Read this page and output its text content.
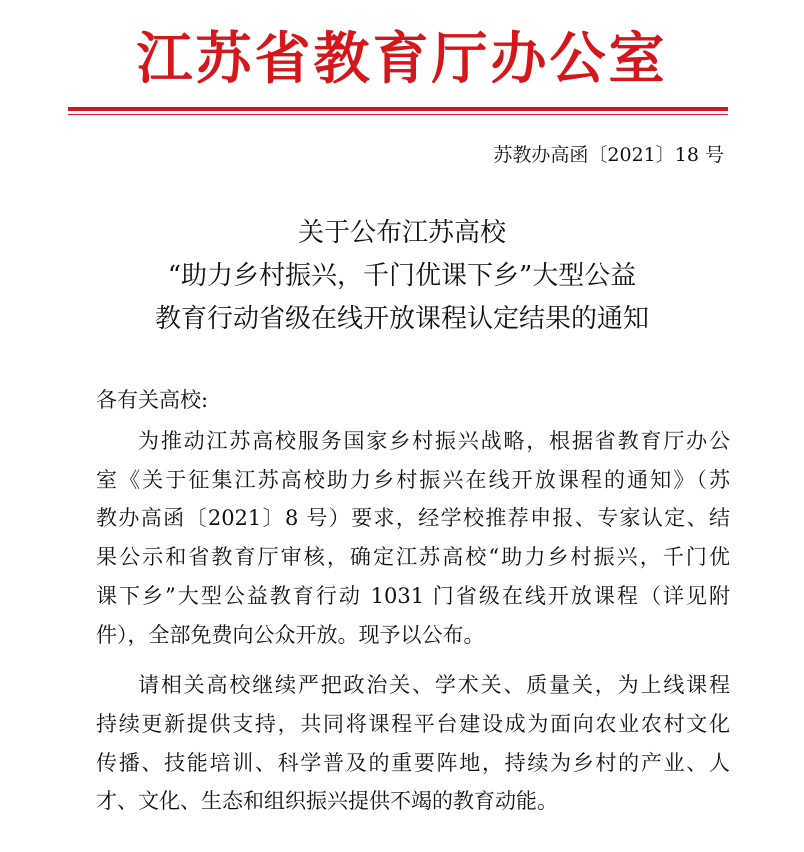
江苏省教育厅办公室
苏教办高函〔2021〕18 号
关于公布江苏高校
“助力乡村振兴，千门优课下乡”大型公益
教育行动省级在线开放课程认定结果的通知
各有关高校:
为推动江苏高校服务国家乡村振兴战略，根据省教育厅办公
室《关于征集江苏高校助力乡村振兴在线开放课程的通知》（苏
教办高函〔2021〕8 号）要求，经学校推荐申报、专家认定、结
果公示和省教育厅审核，确定江苏高校“助力乡村振兴，千门优
课下乡”大型公益教育行动 1031 门省级在线开放课程（详见附
件），全部免费向公众开放。现予以公布。
请相关高校继续严把政治关、学术关、质量关，为上线课程
持续更新提供支持，共同将课程平台建设成为面向农业农村文化
传播、技能培训、科学普及的重要阵地，持续为乡村的产业、人
才、文化、生态和组织振兴提供不竭的教育动能。
